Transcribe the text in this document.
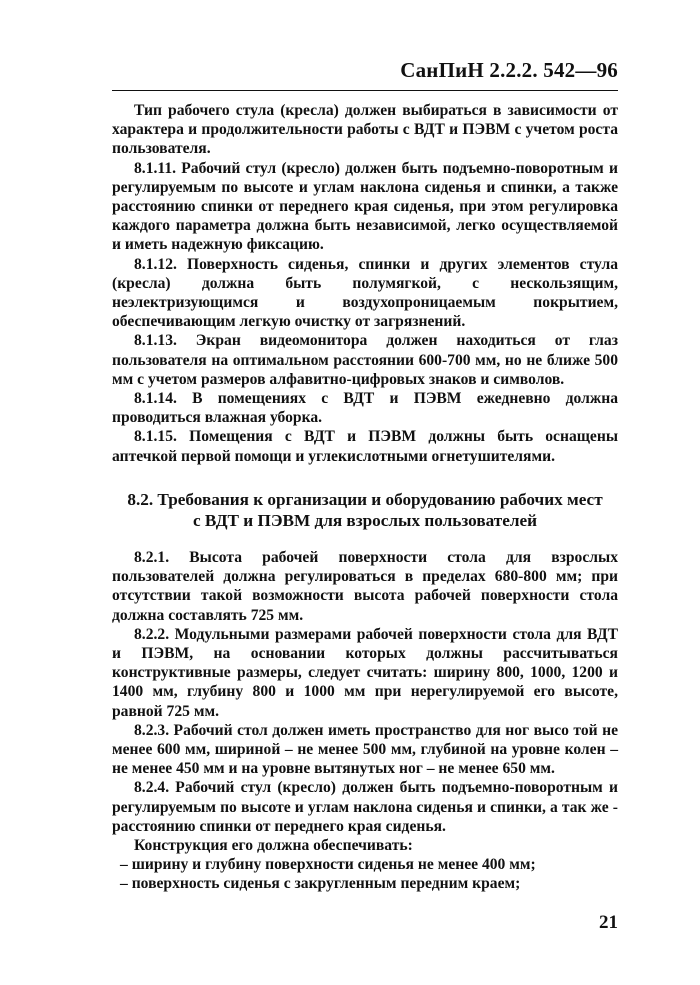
СанПиН 2.2.2. 542—96

Тип рабочего стула (кресла) должен выбираться в зависимости от характера и продолжительности работы с ВДТ и ПЭВМ с учетом роста пользователя.

8.1.11. Рабочий стул (кресло) должен быть подъемно-поворотным и регулируемым по высоте и углам наклона сиденья и спинки, а также расстоянию спинки от переднего края сиденья, при этом регулировка каждого параметра должна быть независимой, легко осуществляемой и иметь надежную фиксацию.

8.1.12. Поверхность сиденья, спинки и других элементов стула (кресла) должна быть полумягкой, с нескользящим, неэлектризующимся и воздухопроницаемым покрытием, обеспечивающим легкую очистку от загрязнений.

8.1.13. Экран видеомонитора должен находиться от глаз пользователя на оптимальном расстоянии 600-700 мм, но не ближе 500 мм с учетом размеров алфавитно-цифровых знаков и символов.

8.1.14. В помещениях с ВДТ и ПЭВМ ежедневно должна проводиться влажная уборка.

8.1.15. Помещения с ВДТ и ПЭВМ должны быть оснащены аптечкой первой помощи и углекислотными огнетушителями.

8.2. Требования к организации и оборудованию рабочих мест
с ВДТ и ПЭВМ для взрослых пользователей

8.2.1. Высота рабочей поверхности стола для взрослых пользователей должна регулироваться в пределах 680-800 мм; при отсутствии такой возможности высота рабочей поверхности стола должна составлять 725 мм.

8.2.2. Модульными размерами рабочей поверхности стола для ВДТ и ПЭВМ, на основании которых должны рассчитываться конструктивные размеры, следует считать: ширину 800, 1000, 1200 и 1400 мм, глубину 800 и 1000 мм при нерегулируемой его высоте, равной 725 мм.

8.2.3. Рабочий стол должен иметь пространство для ног высо той не менее 600 мм, шириной – не менее 500 мм, глубиной на уровне колен – не менее 450 мм и на уровне вытянутых ног – не менее 650 мм.

8.2.4. Рабочий стул (кресло) должен быть подъемно-поворотным и регулируемым по высоте и углам наклона сиденья и спинки, а так же - расстоянию спинки от переднего края сиденья.

Конструкция его должна обеспечивать:

– ширину и глубину поверхности сиденья не менее 400 мм;

– поверхность сиденья с закругленным передним краем;

21
